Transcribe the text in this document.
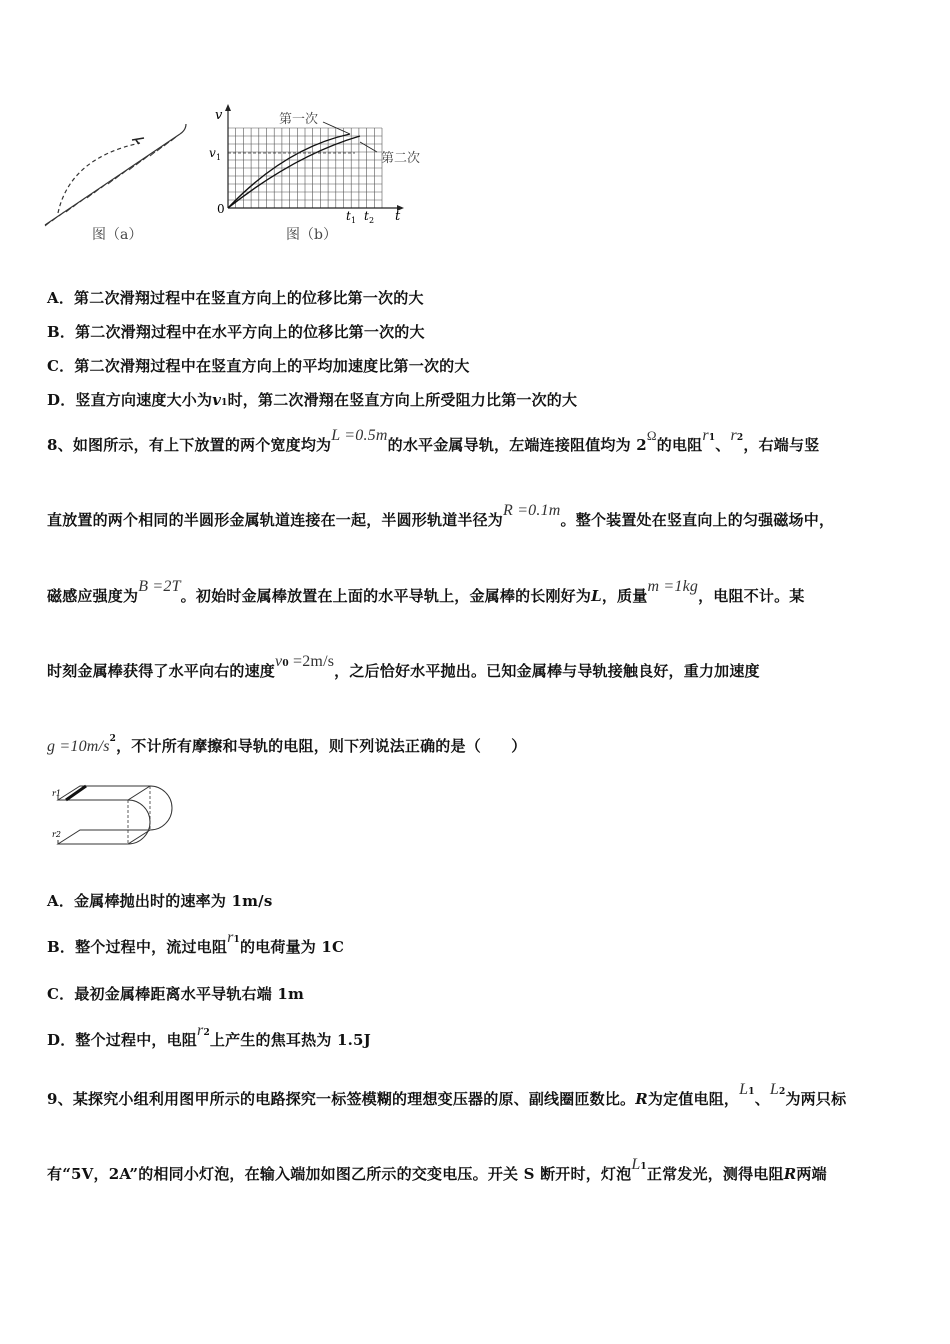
图（a）
v
v 1
0	t 1 t 2 t
第一次
第二次
图（b）
A．第二次滑翔过程中在竖直方向上的位移比第一次的大
B．第二次滑翔过程中在水平方向上的位移比第一次的大
C．第二次滑翔过程中在竖直方向上的平均加速度比第一次的大
D．竖直方向速度大小为v1时，第二次滑翔在竖直方向上所受阻力比第一次的大
8、如图所示，有上下放置的两个宽度均为L =0.5m的水平金属导轨，左端连接阻值均为 2Ω的电阻$r^1$、$r^2$，右端与竖
直放置的两个相同的半圆形金属轨道连接在一起，半圆形轨道半径为R =0.1m。整个装置处在竖直向上的匀强磁场中，
磁感应强度为B =2T。初始时金属棒放置在上面的水平导轨上，金属棒的长刚好为L，质量m =1kg，电阻不计。某
时刻金属棒获得了水平向右的速度$v^0 =2m/s$，之后恰好水平抛出。已知金属棒与导轨接触良好，重力加速度
$g =10m/s^2$，不计所有摩擦和导轨的电阻，则下列说法正确的是（　　）
r1
r2
A．金属棒抛出时的速率为 1m/s
B．整个过程中，流过电阻$r^1$的电荷量为 1C
C．最初金属棒距离水平导轨右端 1m
D．整个过程中，电阻$r^2$上产生的焦耳热为 1.5J
9、某探究小组利用图甲所示的电路探究一标签模糊的理想变压器的原、副线圈匝数比。R为定值电阻，$L^1$、$L^2$为两只标
有“5V，2A”的相同小灯泡，在输入端加如图乙所示的交变电压。开关 S 断开时，灯泡$L^1$正常发光，测得电阻R两端
